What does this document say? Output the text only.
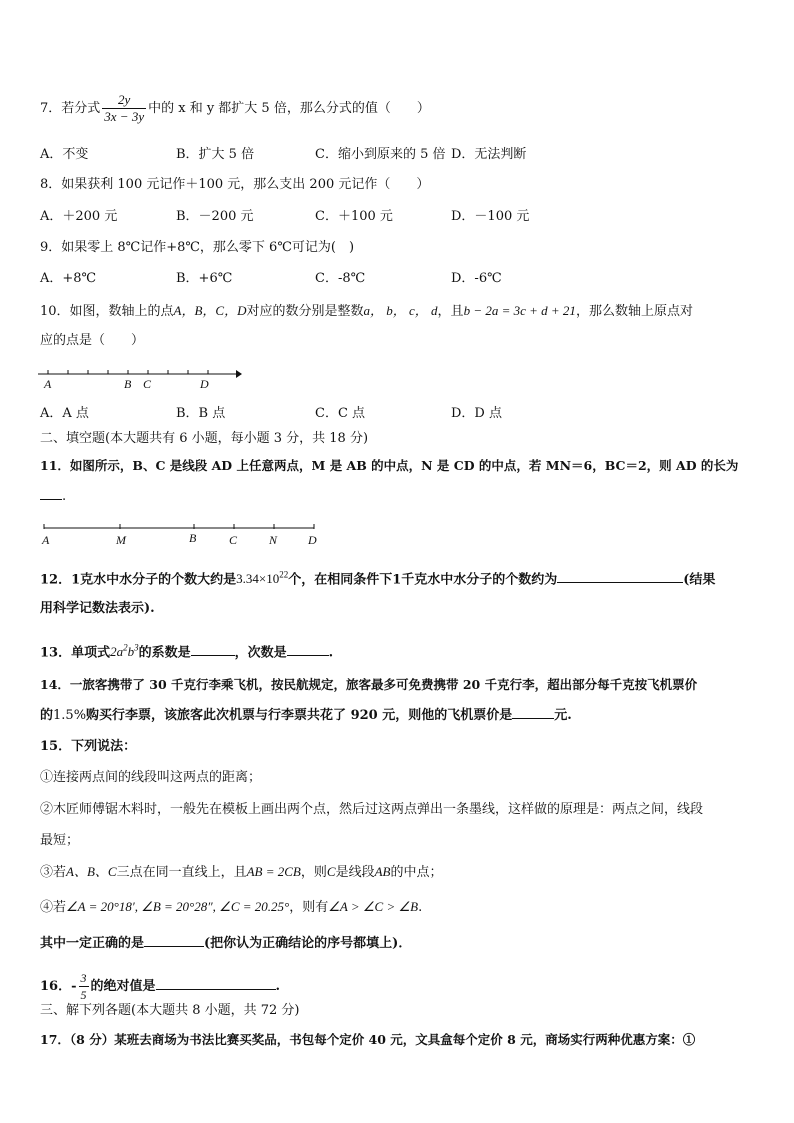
7．若分式 $\frac{2y}{3x - 3y}$ 中的 x 和 y 都扩大 5 倍，那么分式的值（　　）
A．不变	B．扩大 5 倍	C．缩小到原来的 5 倍 D．无法判断
8．如果获利 100 元记作＋100 元，那么支出 200 元记作（　　）
A．＋200 元	B．－200 元	C．＋100 元	D．－100 元
9．如果零上 8℃记作+8℃，那么零下 6℃可记为(　)
A．+8℃	B．+6℃	C．-8℃	D．-6℃
10．如图，数轴上的点A，B，C，D对应的数分别是整数a， b， c， d，且b − 2a = 3c + d + 21，那么数轴上原点对
应的点是（　　）
A	B C	D
A．A 点	B．B 点	C．C 点	D．D 点
二、填空题(本大题共有 6 小题，每小题 3 分，共 18 分)
11．如图所示，B、C 是线段 AD 上任意两点，M 是 AB 的中点，N 是 CD 的中点，若 MN＝6，BC＝2，则 AD 的长为
.
A	M	B	C	N	D
12．1克水中水分子的个数大约是$3.34\times 10^{22}$个，在相同条件下1千克水中水分子的个数约为	(结果
用科学记数法表示).
13．单项式$2a^2b^3$的系数是	，次数是	.
14．一旅客携带了 30 千克行李乘飞机，按民航规定，旅客最多可免费携带 20 千克行李，超出部分每千克按飞机票价
的1.5%购买行李票，该旅客此次机票与行李票共花了 920 元，则他的飞机票价是	元.
15．下列说法：
①连接两点间的线段叫这两点的距离；
②木匠师傅锯木料时，一般先在模板上画出两个点，然后过这两点弹出一条墨线，这样做的原理是：两点之间，线段
最短；
③若A、B、C三点在同一直线上，且AB = 2CB，则C是线段AB的中点；
④若∠A = 20°18′, ∠B = 20°28″, ∠C = 20.25°，则有∠A > ∠C > ∠B.
其中一定正确的是	(把你认为正确结论的序号都填上)．
16．- $\frac{3}{5}$ 的绝对值是	.
三、解下列各题(本大题共 8 小题，共 72 分)
17．（8 分）某班去商场为书法比赛买奖品，书包每个定价 40 元，文具盒每个定价 8 元，商场实行两种优惠方案：①
